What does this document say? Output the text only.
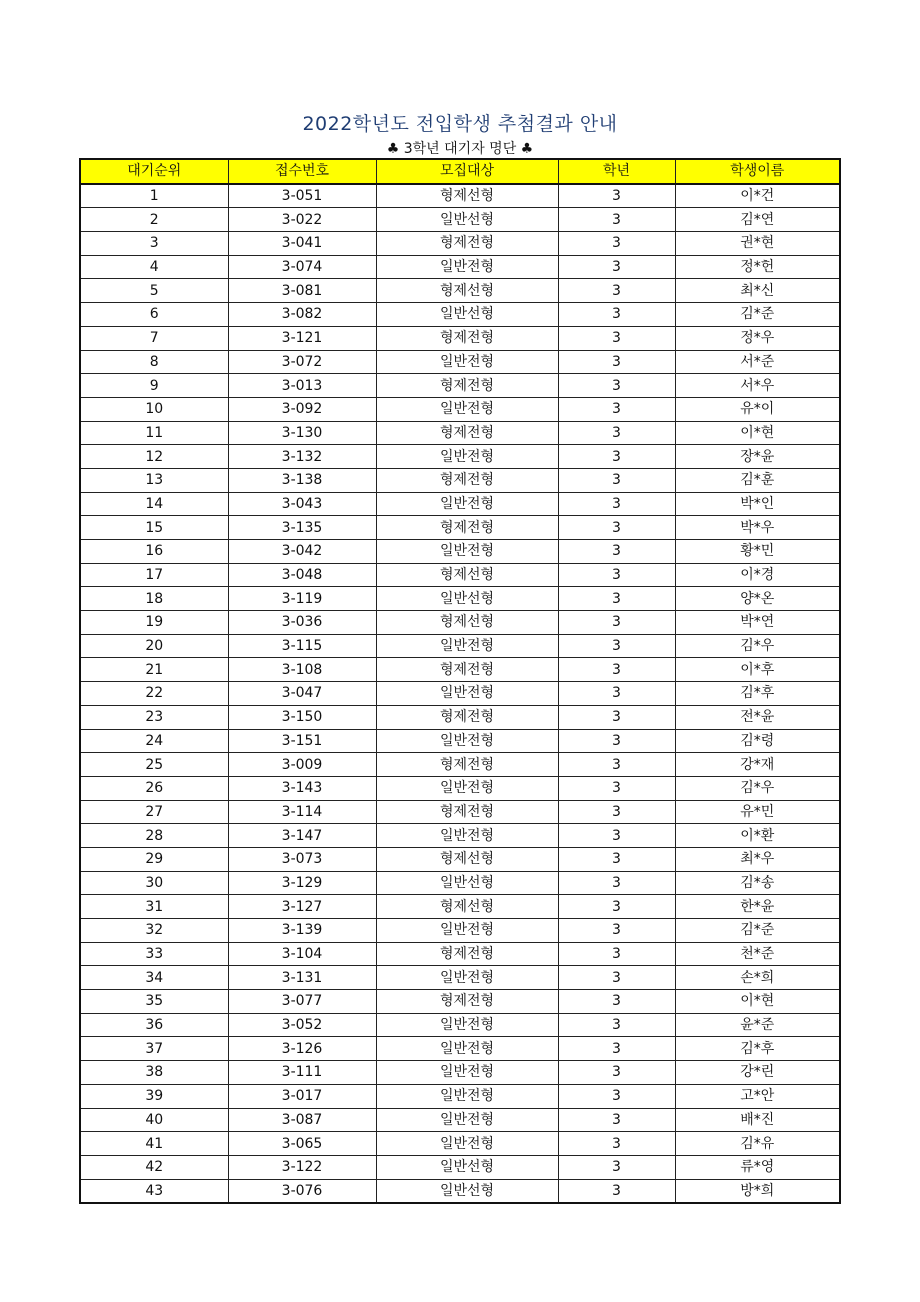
2022학년도 전입학생 추첨결과 안내
♣ 3학년 대기자 명단 ♣
대기순위	접수번호	모집대상	학년	학생이름
1	3-051	형제선형	3	이*건
2	3-022	일반선형	3	김*연
3	3-041	형제전형	3	권*현
4	3-074	일반전형	3	정*헌
5	3-081	형제선형	3	최*신
6	3-082	일반선형	3	김*준
7	3-121	형제전형	3	정*우
8	3-072	일반전형	3	서*준
9	3-013	형제전형	3	서*우
10	3-092	일반전형	3	유*이
11	3-130	형제전형	3	이*현
12	3-132	일반전형	3	장*윤
13	3-138	형제전형	3	김*훈
14	3-043	일반전형	3	박*인
15	3-135	형제전형	3	박*우
16	3-042	일반전형	3	황*민
17	3-048	형제선형	3	이*경
18	3-119	일반선형	3	양*온
19	3-036	형제선형	3	박*연
20	3-115	일반전형	3	김*우
21	3-108	형제전형	3	이*후
22	3-047	일반전형	3	김*후
23	3-150	형제전형	3	전*윤
24	3-151	일반전형	3	김*령
25	3-009	형제전형	3	강*재
26	3-143	일반전형	3	김*우
27	3-114	형제전형	3	유*민
28	3-147	일반전형	3	이*환
29	3-073	형제선형	3	최*우
30	3-129	일반선형	3	김*송
31	3-127	형제선형	3	한*윤
32	3-139	일반전형	3	김*준
33	3-104	형제전형	3	천*준
34	3-131	일반전형	3	손*희
35	3-077	형제전형	3	이*현
36	3-052	일반전형	3	윤*준
37	3-126	일반전형	3	김*후
38	3-111	일반전형	3	강*린
39	3-017	일반전형	3	고*안
40	3-087	일반전형	3	배*진
41	3-065	일반전형	3	김*유
42	3-122	일반선형	3	류*영
43	3-076	일반선형	3	방*희
